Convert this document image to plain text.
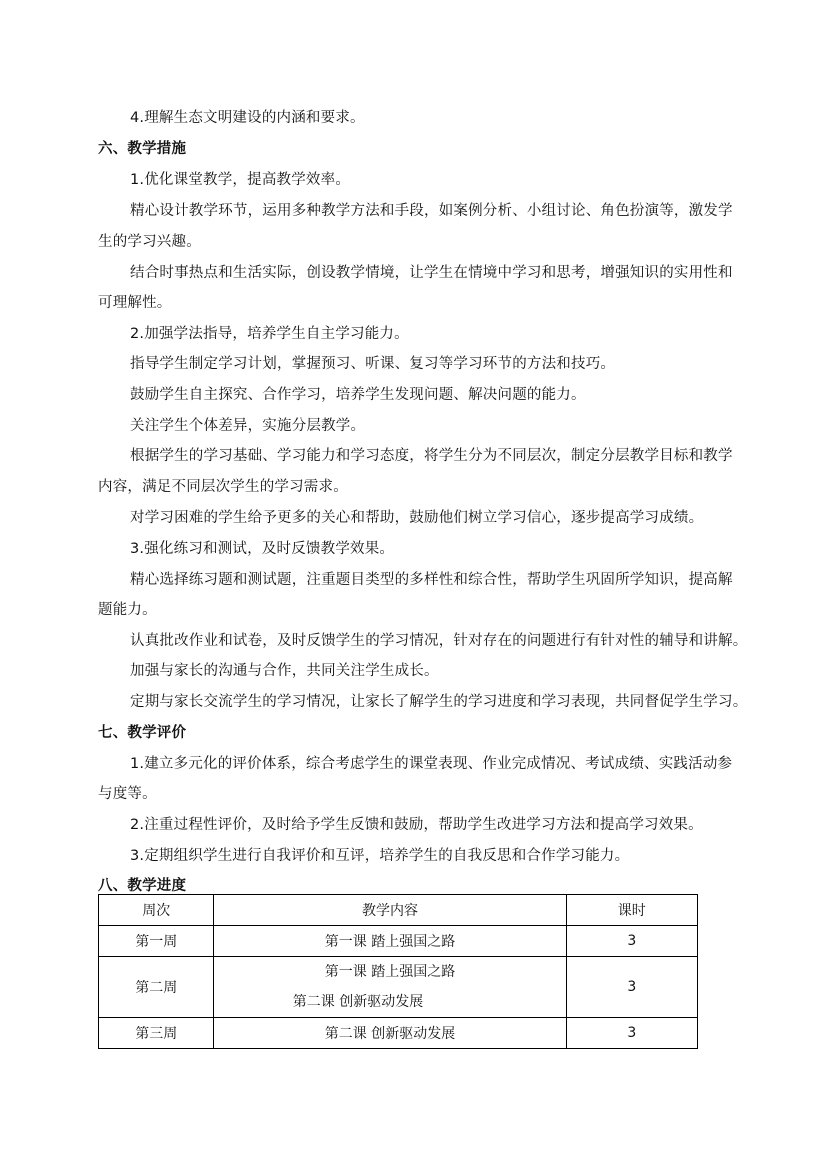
4.理解生态文明建设的内涵和要求。
六、教学措施
1.优化课堂教学，提高教学效率。
精心设计教学环节，运用多种教学方法和手段，如案例分析、小组讨论、角色扮演等，激发学
生的学习兴趣。
结合时事热点和生活实际，创设教学情境，让学生在情境中学习和思考，增强知识的实用性和
可理解性。
2.加强学法指导，培养学生自主学习能力。
指导学生制定学习计划，掌握预习、听课、复习等学习环节的方法和技巧。
鼓励学生自主探究、合作学习，培养学生发现问题、解决问题的能力。
关注学生个体差异，实施分层教学。
根据学生的学习基础、学习能力和学习态度，将学生分为不同层次，制定分层教学目标和教学
内容，满足不同层次学生的学习需求。
对学习困难的学生给予更多的关心和帮助，鼓励他们树立学习信心，逐步提高学习成绩。
3.强化练习和测试，及时反馈教学效果。
精心选择练习题和测试题，注重题目类型的多样性和综合性，帮助学生巩固所学知识，提高解
题能力。
认真批改作业和试卷，及时反馈学生的学习情况，针对存在的问题进行有针对性的辅导和讲解。
加强与家长的沟通与合作，共同关注学生成长。
定期与家长交流学生的学习情况，让家长了解学生的学习进度和学习表现，共同督促学生学习。
七、教学评价
1.建立多元化的评价体系，综合考虑学生的课堂表现、作业完成情况、考试成绩、实践活动参
与度等。
2.注重过程性评价，及时给予学生反馈和鼓励，帮助学生改进学习方法和提高学习效果。
3.定期组织学生进行自我评价和互评，培养学生的自我反思和合作学习能力。
八、教学进度
周次	教学内容	课时
第一周	第一课 踏上强国之路	3
第二周	第一课 踏上强国之路
第二课 创新驱动发展	3
第三周	第二课 创新驱动发展	3
